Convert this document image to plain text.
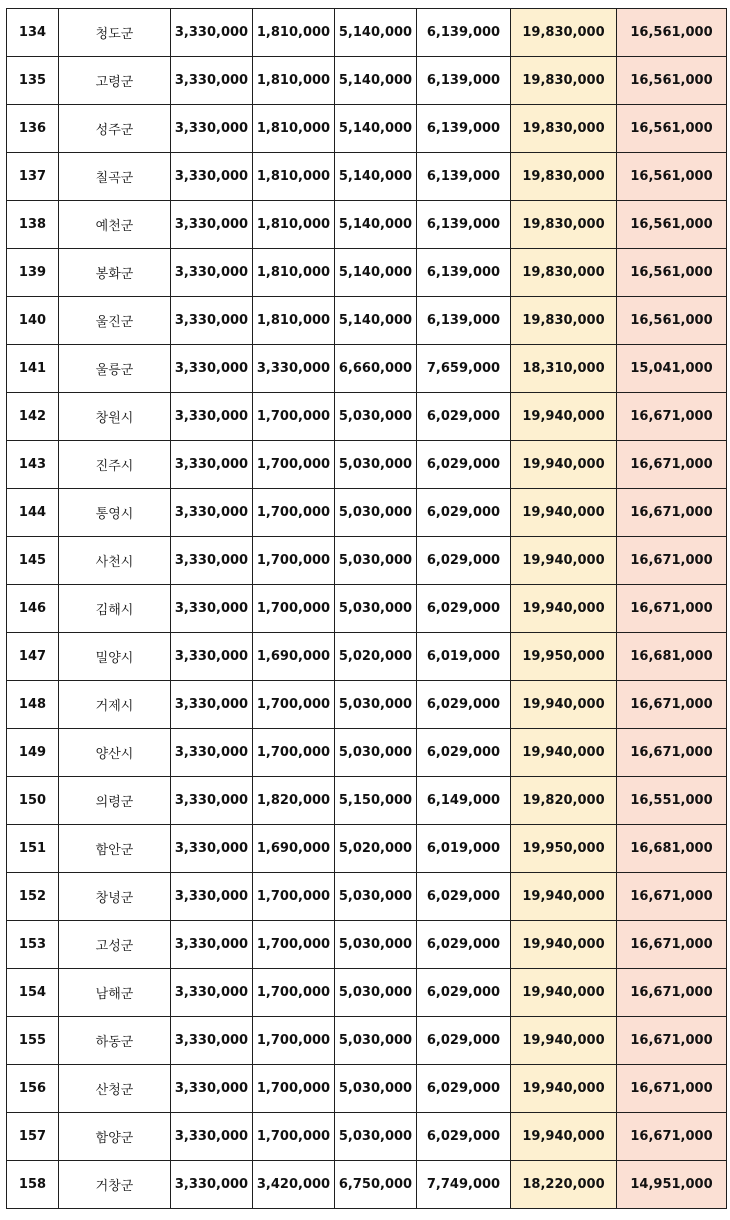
134	청도군	3,330,000	1,810,000	5,140,000	6,139,000	19,830,000	16,561,000
135	고령군	3,330,000	1,810,000	5,140,000	6,139,000	19,830,000	16,561,000
136	성주군	3,330,000	1,810,000	5,140,000	6,139,000	19,830,000	16,561,000
137	칠곡군	3,330,000	1,810,000	5,140,000	6,139,000	19,830,000	16,561,000
138	예천군	3,330,000	1,810,000	5,140,000	6,139,000	19,830,000	16,561,000
139	봉화군	3,330,000	1,810,000	5,140,000	6,139,000	19,830,000	16,561,000
140	울진군	3,330,000	1,810,000	5,140,000	6,139,000	19,830,000	16,561,000
141	울릉군	3,330,000	3,330,000	6,660,000	7,659,000	18,310,000	15,041,000
142	창원시	3,330,000	1,700,000	5,030,000	6,029,000	19,940,000	16,671,000
143	진주시	3,330,000	1,700,000	5,030,000	6,029,000	19,940,000	16,671,000
144	통영시	3,330,000	1,700,000	5,030,000	6,029,000	19,940,000	16,671,000
145	사천시	3,330,000	1,700,000	5,030,000	6,029,000	19,940,000	16,671,000
146	김해시	3,330,000	1,700,000	5,030,000	6,029,000	19,940,000	16,671,000
147	밀양시	3,330,000	1,690,000	5,020,000	6,019,000	19,950,000	16,681,000
148	거제시	3,330,000	1,700,000	5,030,000	6,029,000	19,940,000	16,671,000
149	양산시	3,330,000	1,700,000	5,030,000	6,029,000	19,940,000	16,671,000
150	의령군	3,330,000	1,820,000	5,150,000	6,149,000	19,820,000	16,551,000
151	함안군	3,330,000	1,690,000	5,020,000	6,019,000	19,950,000	16,681,000
152	창녕군	3,330,000	1,700,000	5,030,000	6,029,000	19,940,000	16,671,000
153	고성군	3,330,000	1,700,000	5,030,000	6,029,000	19,940,000	16,671,000
154	남해군	3,330,000	1,700,000	5,030,000	6,029,000	19,940,000	16,671,000
155	하동군	3,330,000	1,700,000	5,030,000	6,029,000	19,940,000	16,671,000
156	산청군	3,330,000	1,700,000	5,030,000	6,029,000	19,940,000	16,671,000
157	함양군	3,330,000	1,700,000	5,030,000	6,029,000	19,940,000	16,671,000
158	거창군	3,330,000	3,420,000	6,750,000	7,749,000	18,220,000	14,951,000
